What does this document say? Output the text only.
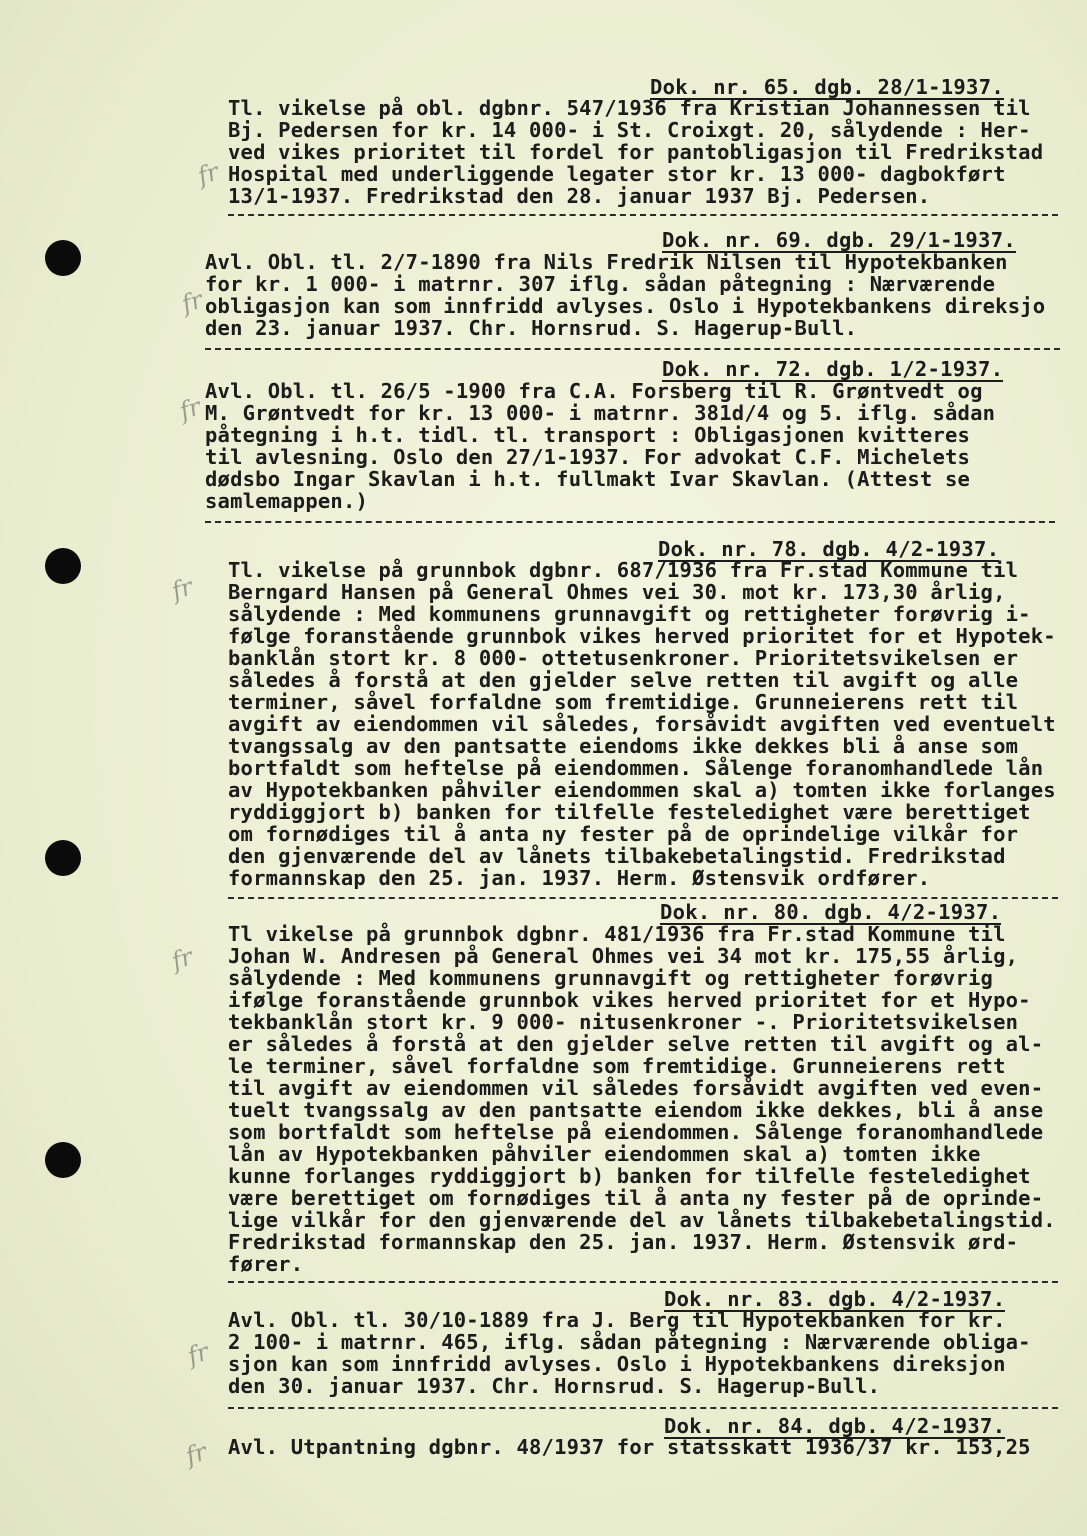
Dok. nr. 65. dgb. 28/1-1937.
fr
Tl. vikelse på obl. dgbnr. 547/1936 fra Kristian Johannessen til
Bj. Pedersen for kr. 14 000- i St. Croixgt. 20, sålydende : Her-
ved vikes prioritet til fordel for pantobligasjon til Fredrikstad
Hospital med underliggende legater stor kr. 13 000- dagbokført
13/1-1937. Fredrikstad den 28. januar 1937 Bj. Pedersen.
Dok. nr. 69. dgb. 29/1-1937.
fr
Avl. Obl. tl. 2/7-1890 fra Nils Fredrik Nilsen til Hypotekbanken
for kr. 1 000- i matrnr. 307 iflg. sådan påtegning : Nærværende
obligasjon kan som innfridd avlyses. Oslo i Hypotekbankens direksjo
den 23. januar 1937. Chr. Hornsrud. S. Hagerup-Bull.
Dok. nr. 72. dgb. 1/2-1937.
fr
Avl. Obl. tl. 26/5 -1900 fra C.A. Forsberg til R. Grøntvedt og
M. Grøntvedt for kr. 13 000- i matrnr. 381d/4 og 5. iflg. sådan
påtegning i h.t. tidl. tl. transport : Obligasjonen kvitteres
til avlesning. Oslo den 27/1-1937. For advokat C.F. Michelets
dødsbo Ingar Skavlan i h.t. fullmakt Ivar Skavlan. (Attest se
samlemappen.)
Dok. nr. 78. dgb. 4/2-1937.
fr
Tl. vikelse på grunnbok dgbnr. 687/1936 fra Fr.stad Kommune til
Berngard Hansen på General Ohmes vei 30. mot kr. 173,30 årlig,
sålydende : Med kommunens grunnavgift og rettigheter forøvrig i-
følge foranstående grunnbok vikes herved prioritet for et Hypotek-
banklån stort kr. 8 000- ottetusenkroner. Prioritetsvikelsen er
således å forstå at den gjelder selve retten til avgift og alle
terminer, såvel forfaldne som fremtidige. Grunneierens rett til
avgift av eiendommen vil således, forsåvidt avgiften ved eventuelt
tvangssalg av den pantsatte eiendoms ikke dekkes bli å anse som
bortfaldt som heftelse på eiendommen. Sålenge foranomhandlede lån
av Hypotekbanken påhviler eiendommen skal a) tomten ikke forlanges
ryddiggjort b) banken for tilfelle festeledighet være berettiget
om fornødiges til å anta ny fester på de oprindelige vilkår for
den gjenværende del av lånets tilbakebetalingstid. Fredrikstad
formannskap den 25. jan. 1937. Herm. Østensvik ordfører.
Dok. nr. 80. dgb. 4/2-1937.
fr
Tl vikelse på grunnbok dgbnr. 481/1936 fra Fr.stad Kommune til
Johan W. Andresen på General Ohmes vei 34 mot kr. 175,55 årlig,
sålydende : Med kommunens grunnavgift og rettigheter forøvrig
ifølge foranstående grunnbok vikes herved prioritet for et Hypo-
tekbanklån stort kr. 9 000- nitusenkroner -. Prioritetsvikelsen
er således å forstå at den gjelder selve retten til avgift og al-
le terminer, såvel forfaldne som fremtidige. Grunneierens rett
til avgift av eiendommen vil således forsåvidt avgiften ved even-
tuelt tvangssalg av den pantsatte eiendom ikke dekkes, bli å anse
som bortfaldt som heftelse på eiendommen. Sålenge foranomhandlede
lån av Hypotekbanken påhviler eiendommen skal a) tomten ikke
kunne forlanges ryddiggjort b) banken for tilfelle festeledighet
være berettiget om fornødiges til å anta ny fester på de oprinde-
lige vilkår for den gjenværende del av lånets tilbakebetalingstid.
Fredrikstad formannskap den 25. jan. 1937. Herm. Østensvik ørd-
fører.
Dok. nr. 83. dgb. 4/2-1937.
fr
Avl. Obl. tl. 30/10-1889 fra J. Berg til Hypotekbanken for kr.
2 100- i matrnr. 465, iflg. sådan påtegning : Nærværende obliga-
sjon kan som innfridd avlyses. Oslo i Hypotekbankens direksjon
den 30. januar 1937. Chr. Hornsrud. S. Hagerup-Bull.
Dok. nr. 84. dgb. 4/2-1937.
fr Avl. Utpantning dgbnr. 48/1937 for statsskatt 1936/37 kr. 153,25
